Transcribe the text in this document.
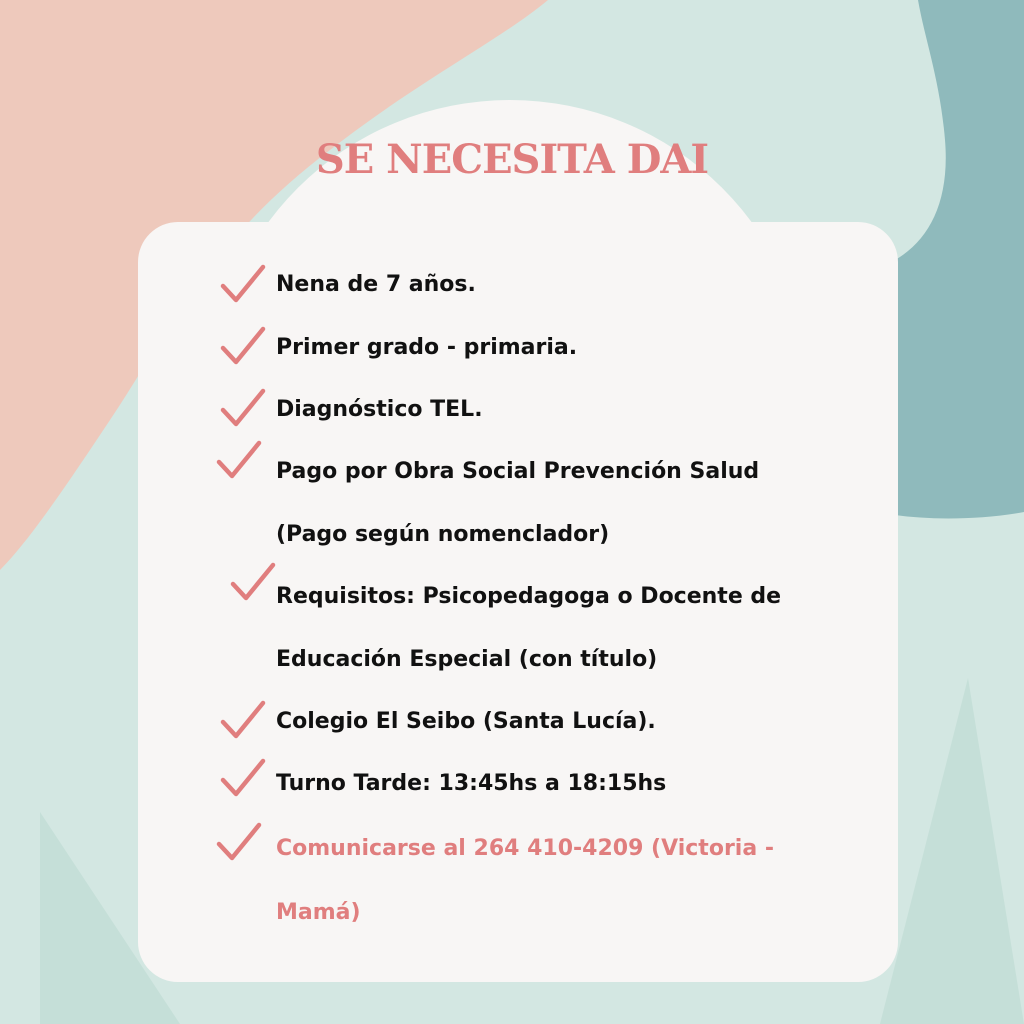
SE NECESITA DAI
Nena de 7 años.
Primer grado - primaria.
Diagnóstico TEL.
Pago por Obra Social Prevención Salud
(Pago según nomenclador)
Requisitos: Psicopedagoga o Docente de
Educación Especial (con título)
Colegio El Seibo (Santa Lucía).
Turno Tarde: 13:45hs a 18:15hs
Comunicarse al 264 410-4209 (Victoria -
Mamá)
